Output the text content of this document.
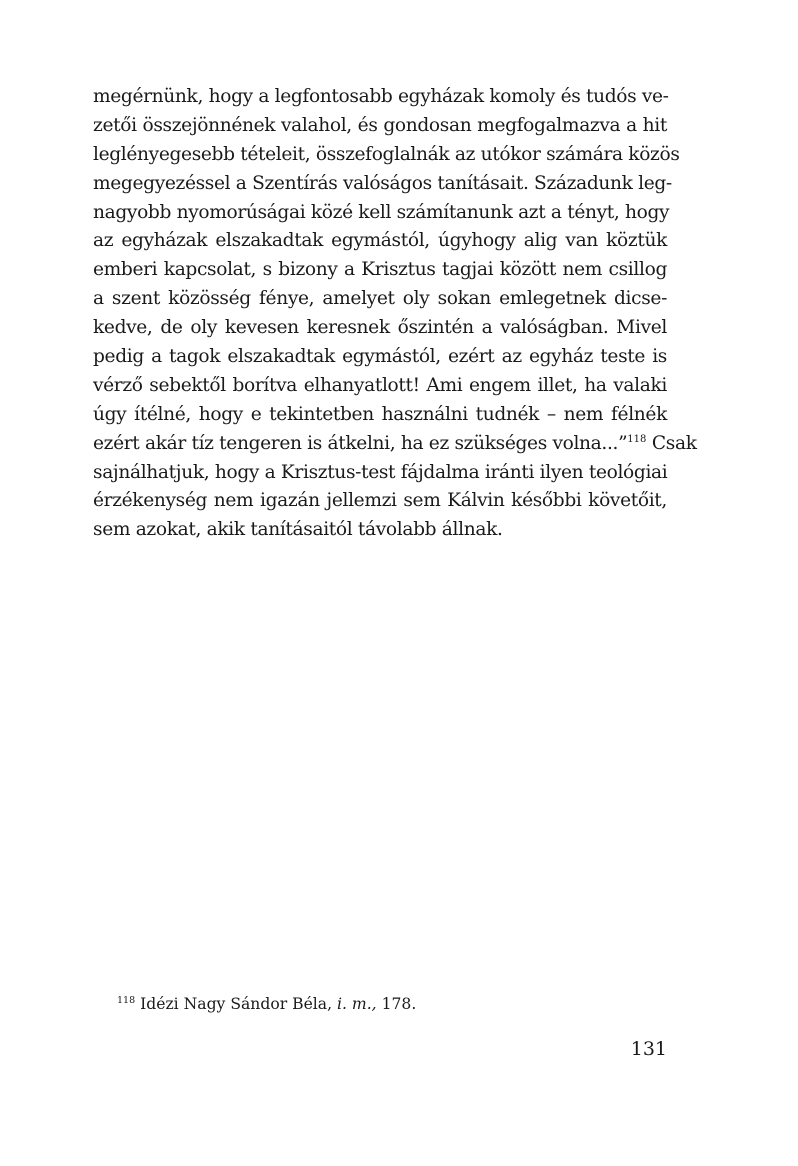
megérnünk, hogy a legfontosabb egyházak komoly és tudós ve-
zetői összejönnének valahol, és gondosan megfogalmazva a hit
leglényegesebb tételeit, összefoglalnák az utókor számára közös
megegyezéssel a Szentírás valóságos tanításait. Századunk leg-
nagyobb nyomorúságai közé kell számítanunk azt a tényt, hogy
az egyházak elszakadtak egymástól, úgyhogy alig van köztük
emberi kapcsolat, s bizony a Krisztus tagjai között nem csillog
a szent közösség fénye, amelyet oly sokan emlegetnek dicse-
kedve, de oly kevesen keresnek őszintén a valóságban. Mivel
pedig a tagok elszakadtak egymástól, ezért az egyház teste is
vérző sebektől borítva elhanyatlott! Ami engem illet, ha valaki
úgy ítélné, hogy e tekintetben használni tudnék – nem félnék
ezért akár tíz tengeren is átkelni, ha ez szükséges volna...”$^{118}$ Csak
sajnálhatjuk, hogy a Krisztus-test fájdalma iránti ilyen teológiai
érzékenység nem igazán jellemzi sem Kálvin későbbi követőit,
sem azokat, akik tanításaitól távolabb állnak.
$^{118}$ Idézi Nagy Sándor Béla, i. m., 178.
131
